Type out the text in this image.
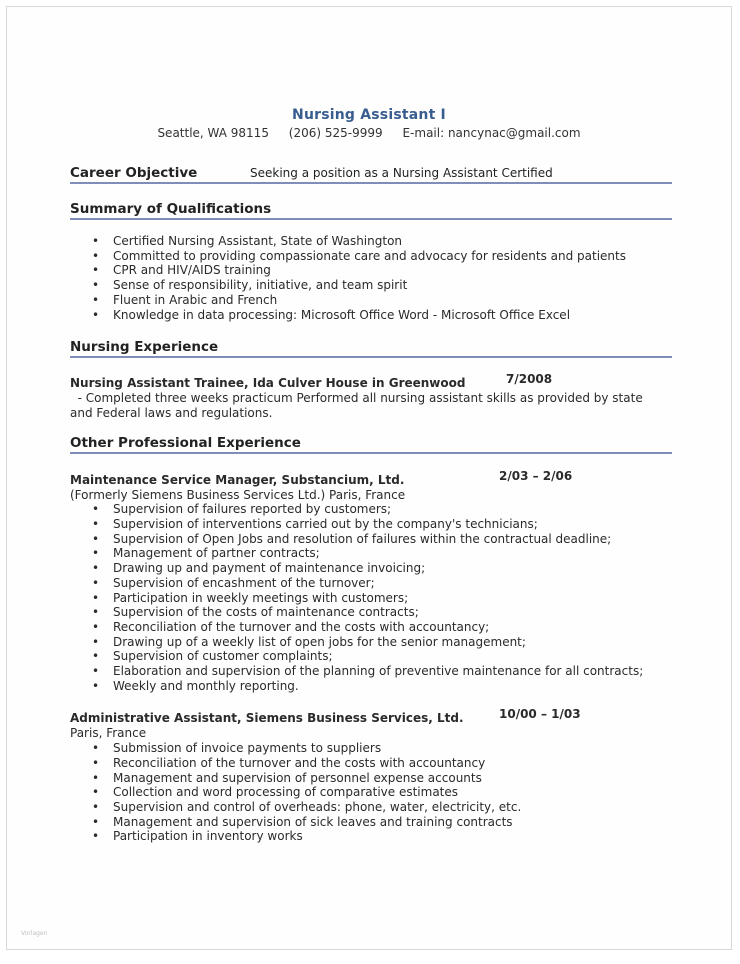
Nursing Assistant I
Seattle, WA 98115 (206) 525-9999 E-mail: nancynac@gmail.com
Career Objective	Seeking a position as a Nursing Assistant Certified
Summary of Qualifications
• Certified Nursing Assistant, State of Washington
• Committed to providing compassionate care and advocacy for residents and patients
• CPR and HIV/AIDS training
• Sense of responsibility, initiative, and team spirit
• Fluent in Arabic and French
• Knowledge in data processing: Microsoft Office Word - Microsoft Office Excel
Nursing Experience
Nursing Assistant Trainee, Ida Culver House in Greenwood	7/2008
- Completed three weeks practicum Performed all nursing assistant skills as provided by state
and Federal laws and regulations.
Other Professional Experience
Maintenance Service Manager, Substancium, Ltd.	2/03 – 2/06
(Formerly Siemens Business Services Ltd.) Paris, France
• Supervision of failures reported by customers;
• Supervision of interventions carried out by the company's technicians;
• Supervision of Open Jobs and resolution of failures within the contractual deadline;
• Management of partner contracts;
• Drawing up and payment of maintenance invoicing;
• Supervision of encashment of the turnover;
• Participation in weekly meetings with customers;
• Supervision of the costs of maintenance contracts;
• Reconciliation of the turnover and the costs with accountancy;
• Drawing up of a weekly list of open jobs for the senior management;
• Supervision of customer complaints;
• Elaboration and supervision of the planning of preventive maintenance for all contracts;
• Weekly and monthly reporting.
Administrative Assistant, Siemens Business Services, Ltd.	10/00 – 1/03
Paris, France
• Submission of invoice payments to suppliers
• Reconciliation of the turnover and the costs with accountancy
• Management and supervision of personnel expense accounts
• Collection and word processing of comparative estimates
• Supervision and control of overheads: phone, water, electricity, etc.
• Management and supervision of sick leaves and training contracts
• Participation in inventory works
Vorlagen
